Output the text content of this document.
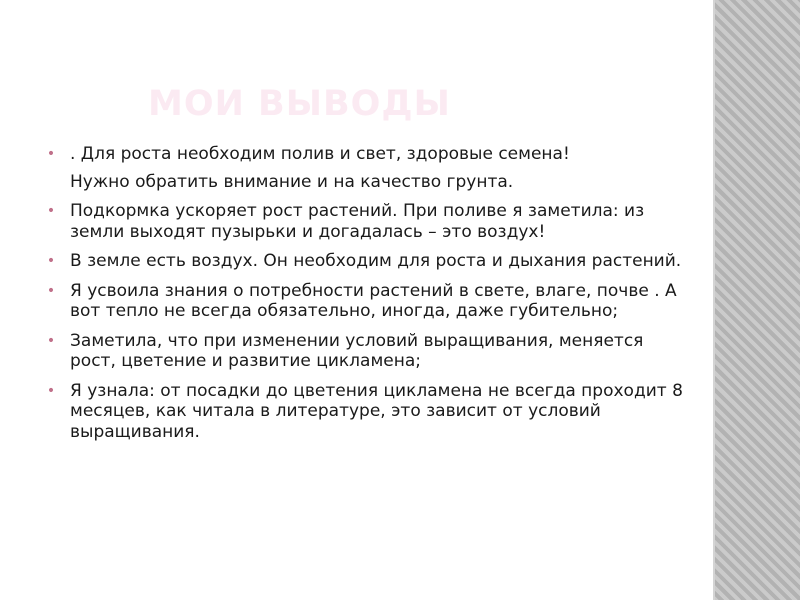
МОИ ВЫВОДЫ
• . Для роста необходим полив и свет, здоровые семена!
Нужно обратить внимание и на качество грунта.
• Подкормка ускоряет рост растений. При поливе я заметила: из земли выходят пузырьки и догадалась – это воздух!
• В земле есть воздух. Он необходим для роста и дыхания растений.
• Я усвоила знания о потребности растений в свете, влаге, почве . А вот тепло не всегда обязательно, иногда, даже губительно;
• Заметила, что при изменении условий выращивания, меняется рост, цветение и развитие цикламена;
• Я узнала: от посадки до цветения цикламена не всегда проходит 8 месяцев, как читала в литературе, это зависит от условий выращивания.
